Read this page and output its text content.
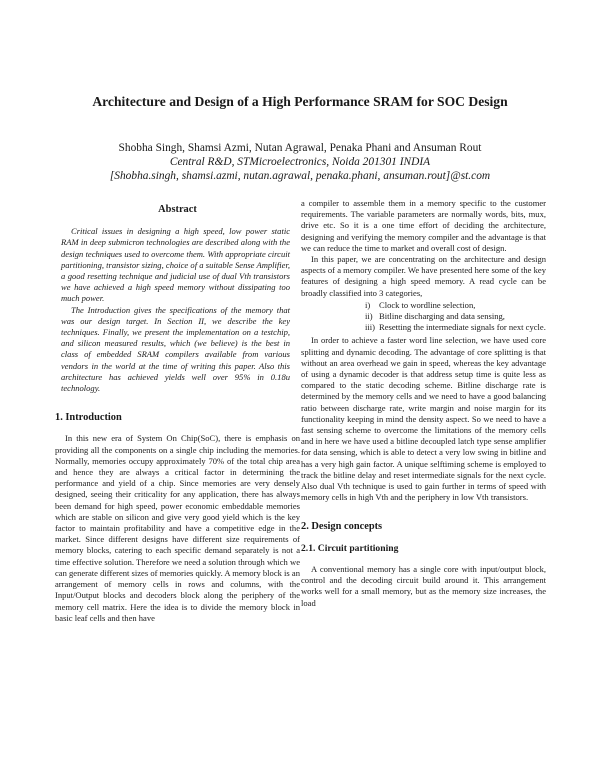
Architecture and Design of a High Performance SRAM for SOC Design
Shobha Singh, Shamsi Azmi, Nutan Agrawal, Penaka Phani and Ansuman Rout
Central R&D, STMicroelectronics, Noida 201301 INDIA
[Shobha.singh, shamsi.azmi, nutan.agrawal, penaka.phani, ansuman.rout]@st.com
Abstract

Critical issues in designing a high speed, low power static RAM in deep submicron technologies are described along with the design techniques used to overcome them. With appropriate circuit partitioning, transistor sizing, choice of a suitable Sense Amplifier, a good resetting technique and judicial use of dual Vth transistors we have achieved a high speed memory without dissipating too much power.

The Introduction gives the specifications of the memory that was our design target. In Section II, we describe the key techniques. Finally, we present the implementation on a testchip, and silicon measured results, which (we believe) is the best in class of embedded SRAM compilers available from various vendors in the world at the time of writing this paper. Also this architecture has achieved yields well over 95% in 0.18u technology.

1. Introduction

In this new era of System On Chip(SoC), there is emphasis on providing all the components on a single chip including the memories. Normally, memories occupy approximately 70% of the total chip area and hence they are always a critical factor in determining the performance and yield of a chip. Since memories are very densely designed, seeing their criticality for any application, there has always been demand for high speed, power economic embeddable memories which are stable on silicon and give very good yield which is the key factor to maintain profitability and have a competitive edge in the market. Since different designs have different size requirements of memory blocks, catering to each specific demand separately is not a time effective solution. Therefore we need a solution through which we can generate different sizes of memories quickly. A memory block is an arrangement of memory cells in rows and columns, with the Input/Output blocks and decoders block along the periphery of the memory cell matrix. Here the idea is to divide the memory block in basic leaf cells and then have

a compiler to assemble them in a memory specific to the customer requirements. The variable parameters are normally words, bits, mux, drive etc. So it is a one time effort of deciding the architecture, designing and verifying the memory compiler and the advantage is that we can reduce the time to market and overall cost of design.

In this paper, we are concentrating on the architecture and design aspects of a memory compiler. We have presented here some of the key features of designing a high speed memory. A read cycle can be broadly classified into 3 categories,

i) Clock to wordline selection,
ii) Bitline discharging and data sensing,
iii) Resetting the intermediate signals for next cycle.

In order to achieve a faster word line selection, we have used core splitting and dynamic decoding. The advantage of core splitting is that without an area overhead we gain in speed, whereas the key advantage of using a dynamic decoder is that address setup time is quite less as compared to the static decoding scheme. Bitline discharge rate is determined by the memory cells and we need to have a good balancing ratio between discharge rate, write margin and noise margin for its functionality keeping in mind the density aspect. So we need to have a fast sensing scheme to overcome the limitations of the memory cells and in here we have used a bitline decoupled latch type sense amplifier for data sensing, which is able to detect a very low swing in bitline and has a very high gain factor. A unique selftiming scheme is employed to track the bitline delay and reset intermediate signals for the next cycle. Also dual Vth technique is used to gain further in terms of speed with memory cells in high Vth and the periphery in low Vth transistors.

2. Design concepts
2.1. Circuit partitioning

A conventional memory has a single core with input/output block, control and the decoding circuit build around it. This arrangement works well for a small memory, but as the memory size increases, the load
